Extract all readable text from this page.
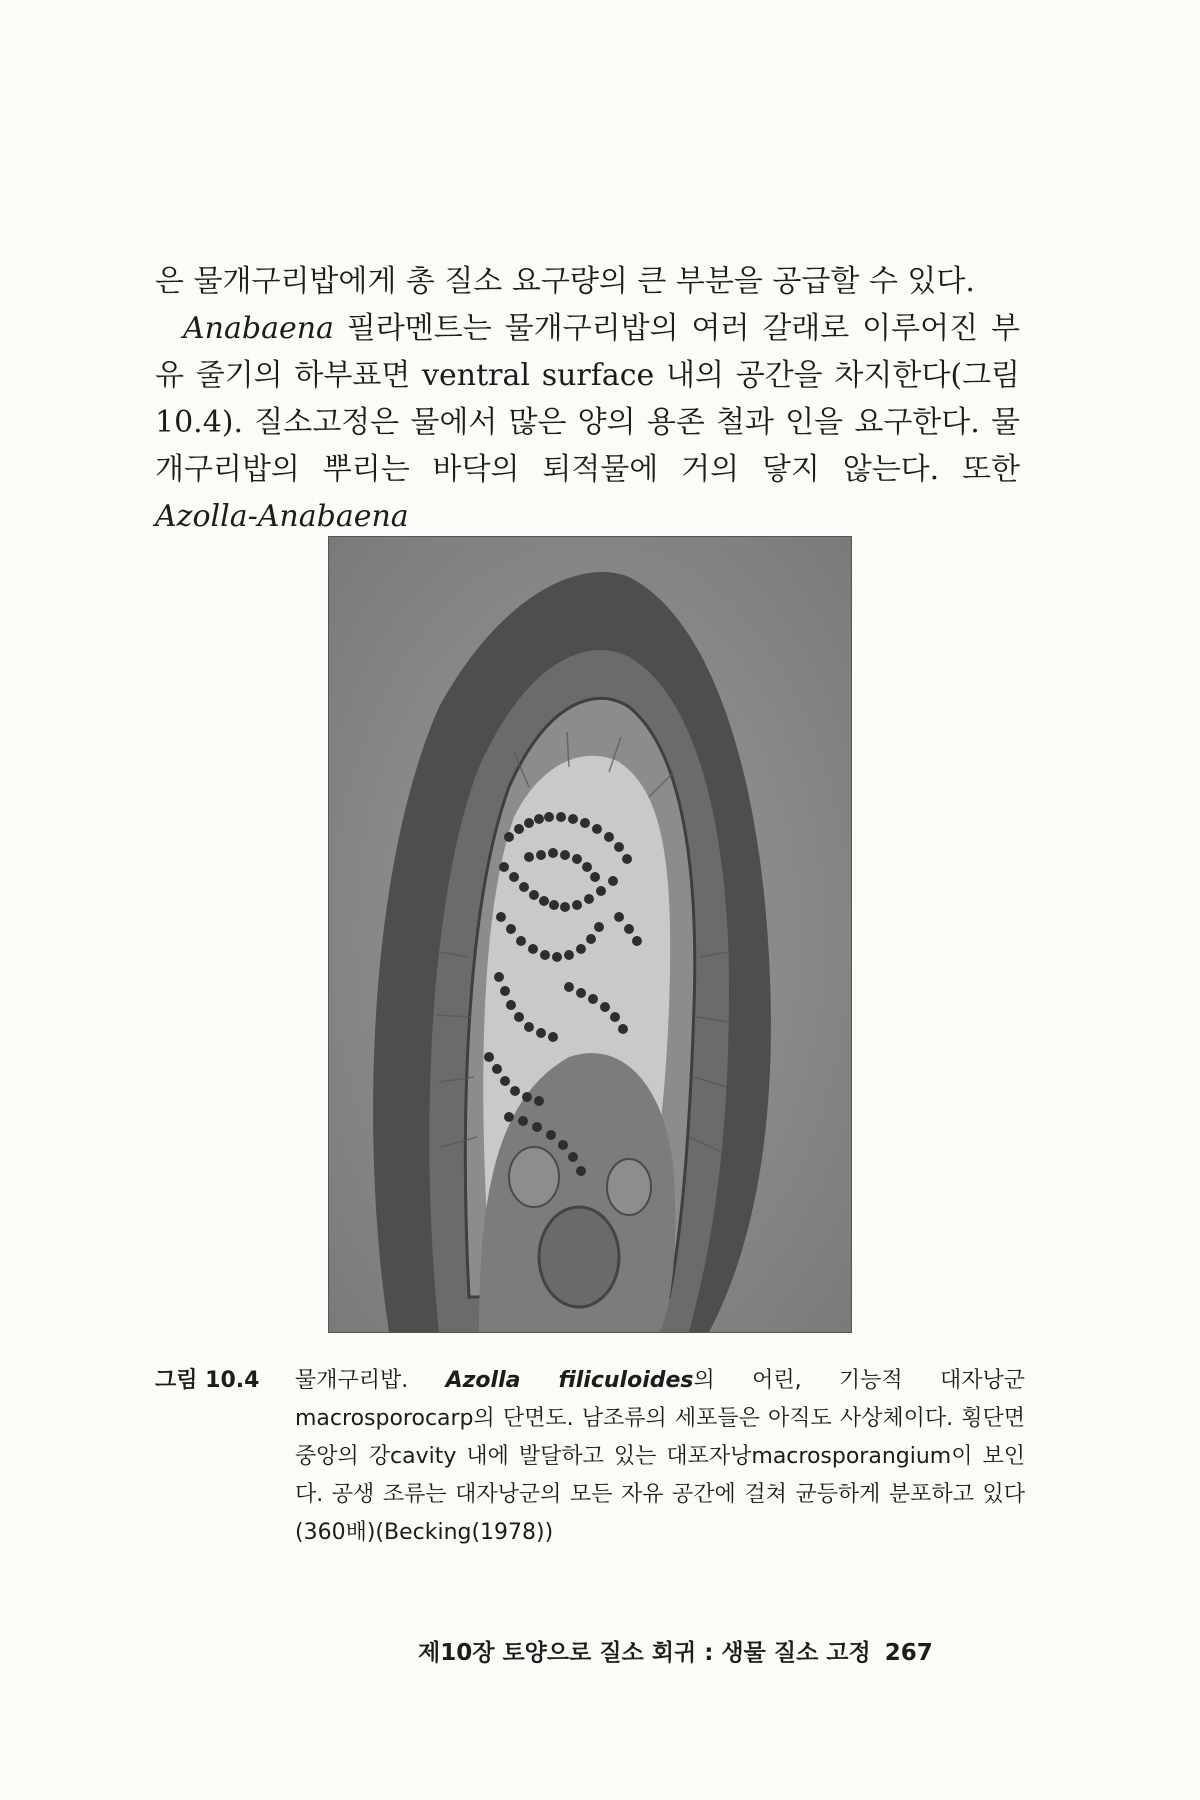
은 물개구리밥에게 총 질소 요구량의 큰 부분을 공급할 수 있다.

Anabaena 필라멘트는 물개구리밥의 여러 갈래로 이루어진 부유 줄기의 하부표면 ventral surface 내의 공간을 차지한다(그림 10.4). 질소고정은 물에서 많은 양의 용존 철과 인을 요구한다. 물개구리밥의 뿌리는 바닥의 퇴적물에 거의 닿지 않는다. 또한 Azolla-Anabaena

그림 10.4 물개구리밥. Azolla filiculoides의 어린, 기능적 대자낭군macrosporocarp의 단면도. 남조류의 세포들은 아직도 사상체이다. 횡단면 중앙의 강cavity 내에 발달하고 있는 대포자낭macrosporangium이 보인다. 공생 조류는 대자낭군의 모든 자유 공간에 걸쳐 균등하게 분포하고 있다(360배)(Becking(1978))
제10장 토양으로 질소 회귀 : 생물 질소 고정 267
